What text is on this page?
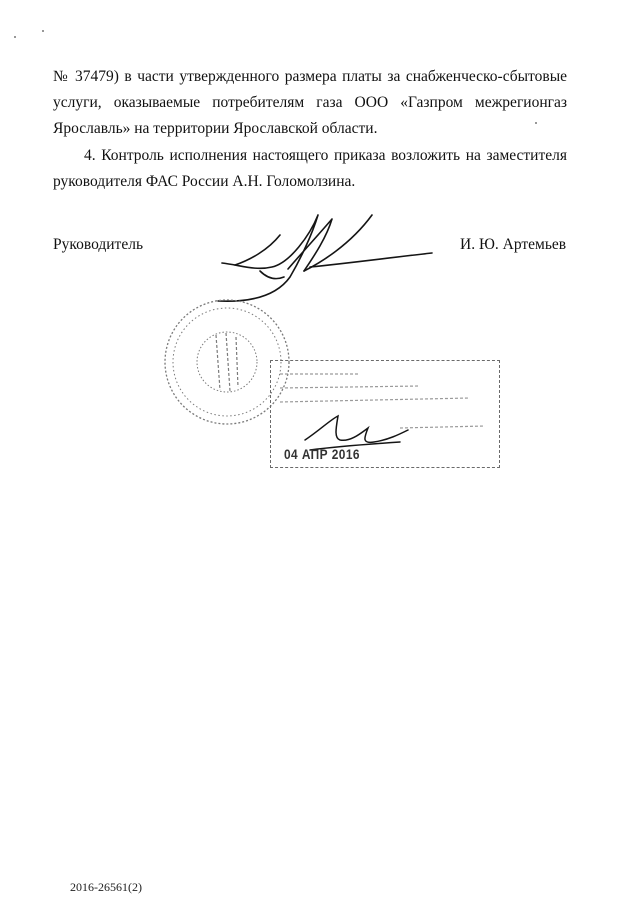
№ 37479) в части утвержденного размера платы за снабженческо-сбытовые
услуги, оказываемые потребителям газа ООО «Газпром межрегионгаз
Ярославль» на территории Ярославской области.
4. Контроль исполнения настоящего приказа возложить на заместителя
руководителя ФАС России А.Н. Голомолзина.
Руководитель	И. Ю. Артемьев
04 АПР 2016
2016-26561(2)
